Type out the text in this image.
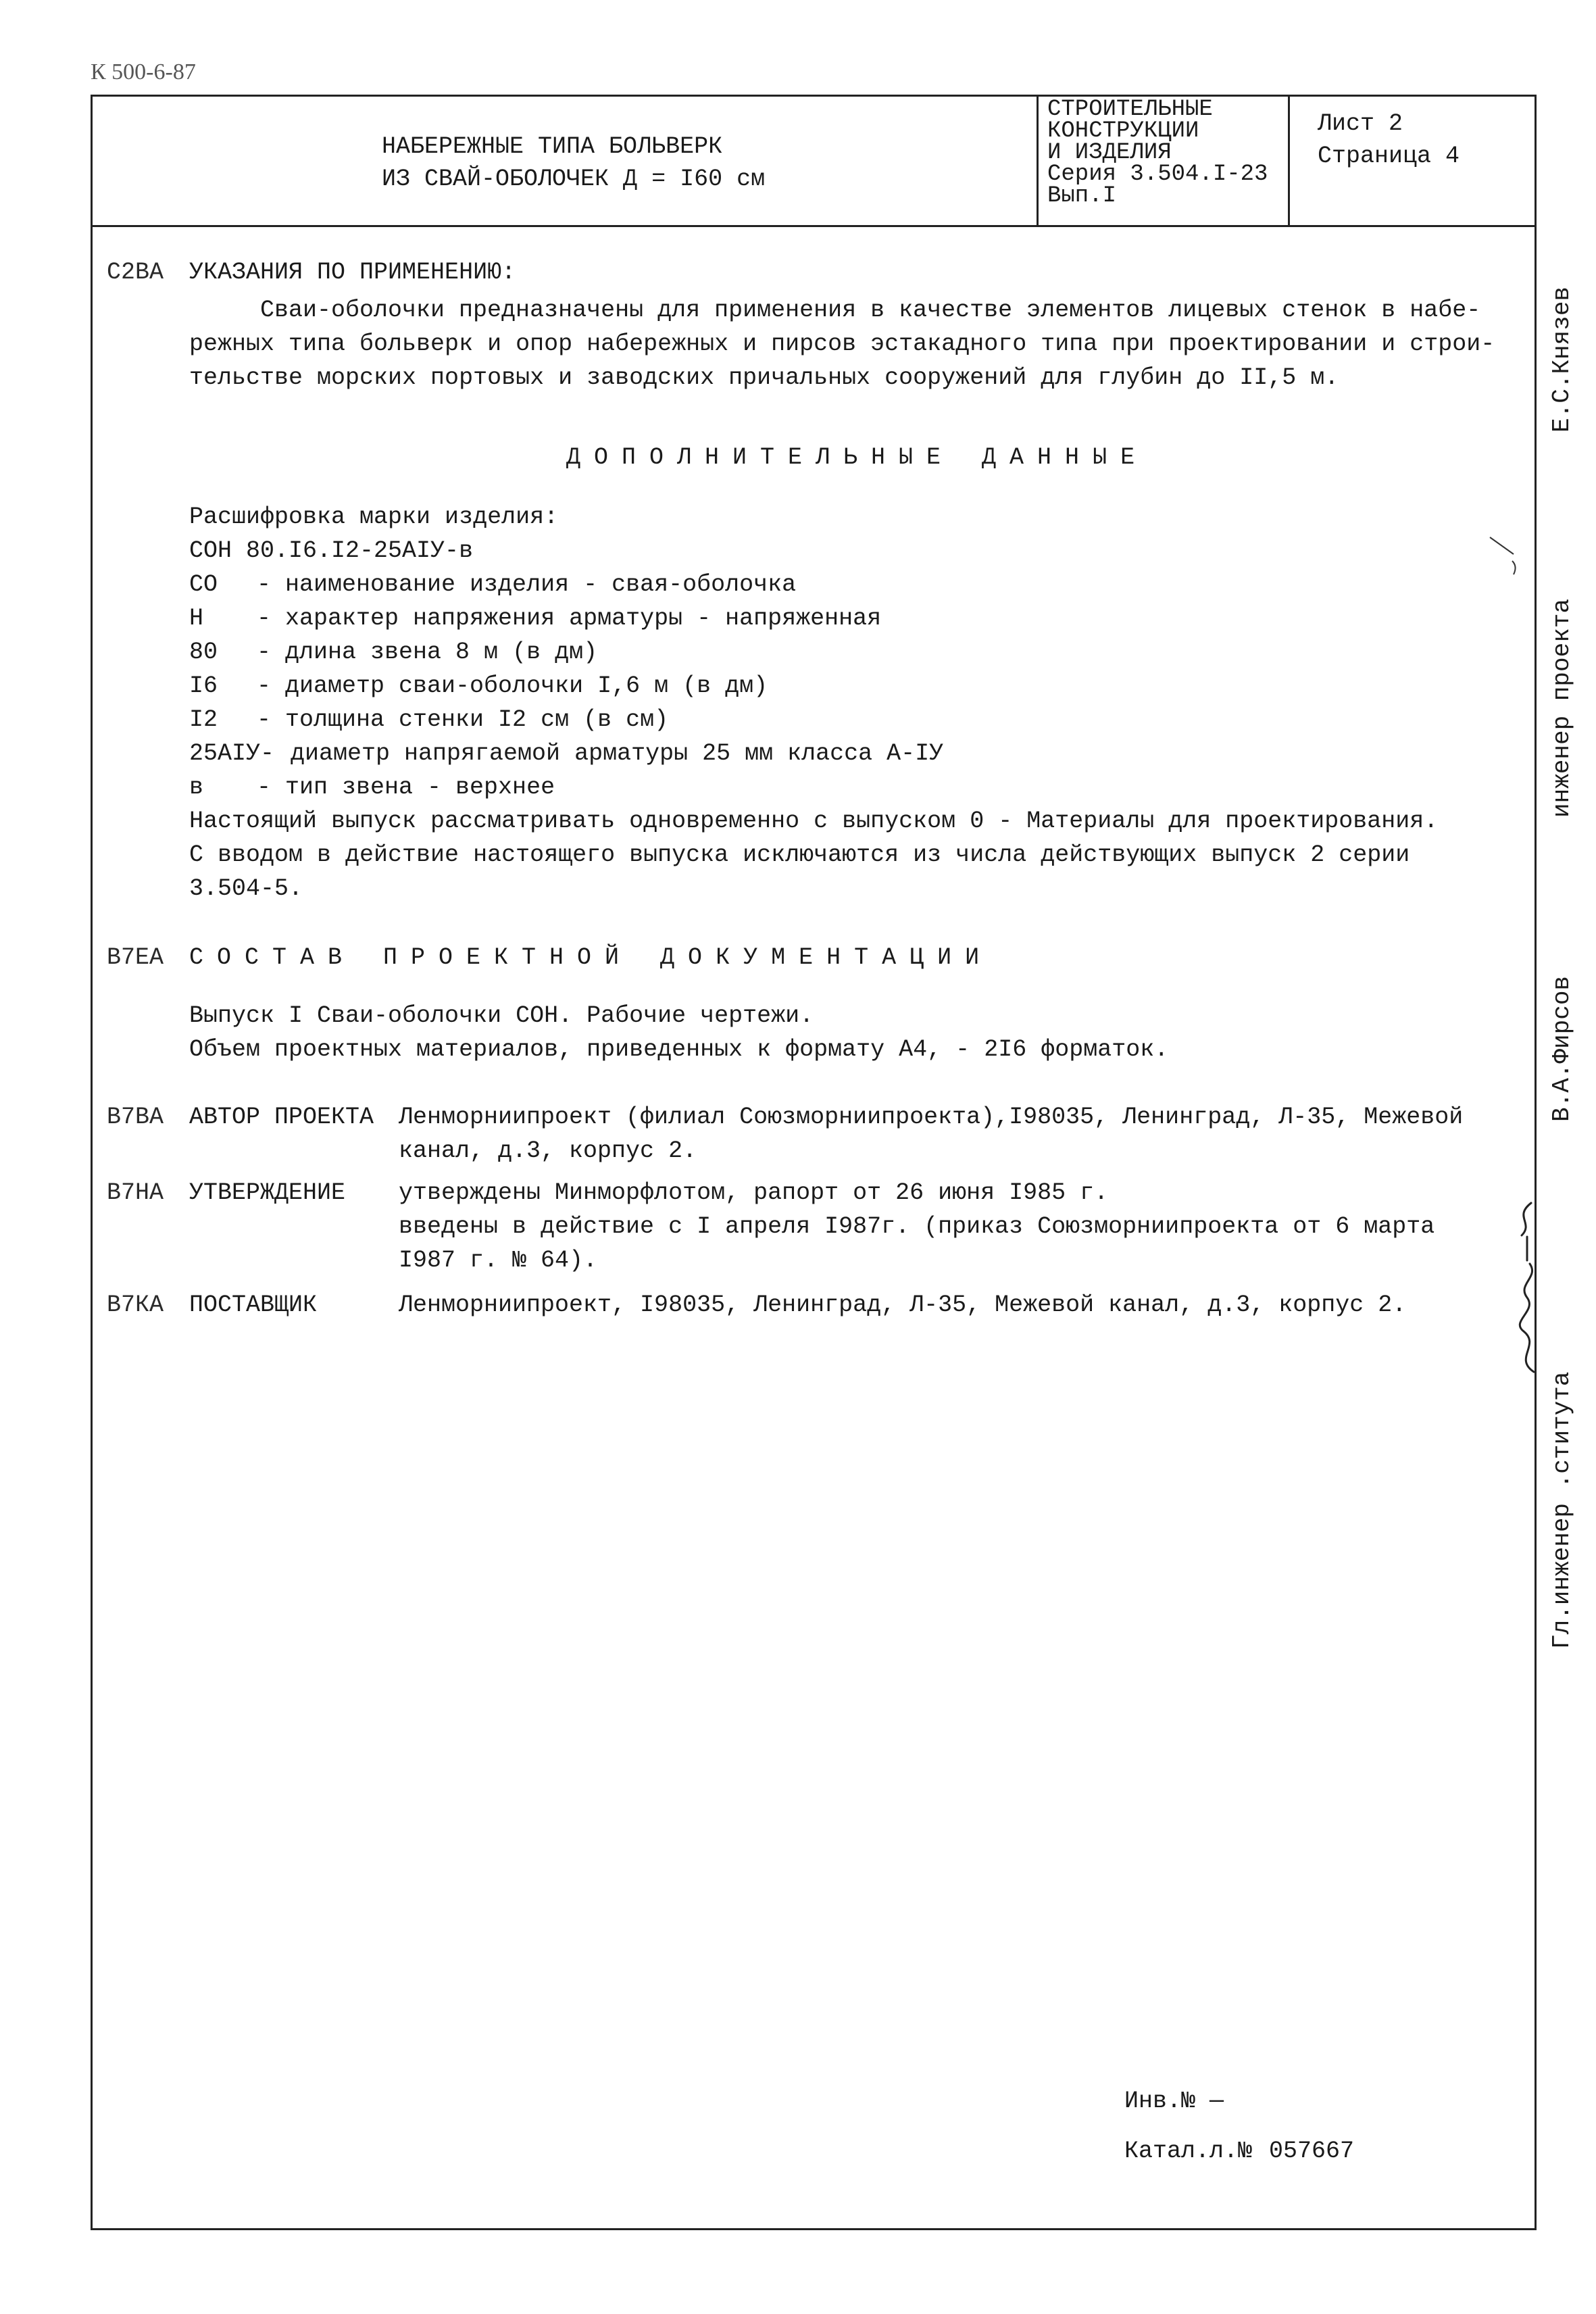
К 500-6-87
НАБЕРЕЖНЫЕ ТИПА БОЛЬВЕРК
ИЗ СВАЙ-ОБОЛОЧЕК Д = I60 см
СТРОИТЕЛЬНЫЕ
КОНСТРУКЦИИ
И ИЗДЕЛИЯ
Серия 3.504.I-23
Вып.I
Лист 2
Страница 4
С2ВА УКАЗАНИЯ ПО ПРИМЕНЕНИЮ:
Сваи-оболочки предназначены для применения в качестве элементов лицевых стенок в набе-
режных типа больверк и опор набережных и пирсов эстакадного типа при проектировании и строи-
тельстве морских портовых и заводских причальных сооружений для глубин до II,5 м.
ДОПОЛНИТЕЛЬНЫЕ ДАННЫЕ
Расшифровка марки изделия:
СОН 80.I6.I2-25АIУ-в
СО - наименование изделия - свая-оболочка
Н - характер напряжения арматуры - напряженная
80 - длина звена 8 м (в дм)
I6 - диаметр сваи-оболочки I,6 м (в дм)
I2 - толщина стенки I2 см (в см)
25АIУ- диаметр напрягаемой арматуры 25 мм класса А-IУ
в - тип звена - верхнее
Настоящий выпуск рассматривать одновременно с выпуском 0 - Материалы для проектирования.
С вводом в действие настоящего выпуска исключаются из числа действующих выпуск 2 серии
3.504-5.
В7ЕА СОСТАВ ПРОЕКТНОЙ ДОКУМЕНТАЦИИ
Выпуск I Сваи-оболочки СОН. Рабочие чертежи.
Объем проектных материалов, приведенных к формату А4, - 2I6 форматок.
В7ВА АВТОР ПРОЕКТА Ленморниипроект (филиал Союзморниипроекта),I98035, Ленинград, Л-35, Межевой
канал, д.3, корпус 2.
В7НА УТВЕРЖДЕНИЕ утверждены Минморфлотом, рапорт от 26 июня I985 г.
введены в действие с I апреля I987г. (приказ Союзморниипроекта от 6 марта
I987 г. № 64).
В7КА ПОСТАВЩИК	Ленморниипроект, I98035, Ленинград, Л-35, Межевой канал, д.3, корпус 2.
Инв.№ —
Катал.л.№ 057667
Е.С.Князев
инженер проекта
В.А.Фирсов
Гл.инженер .ститута
